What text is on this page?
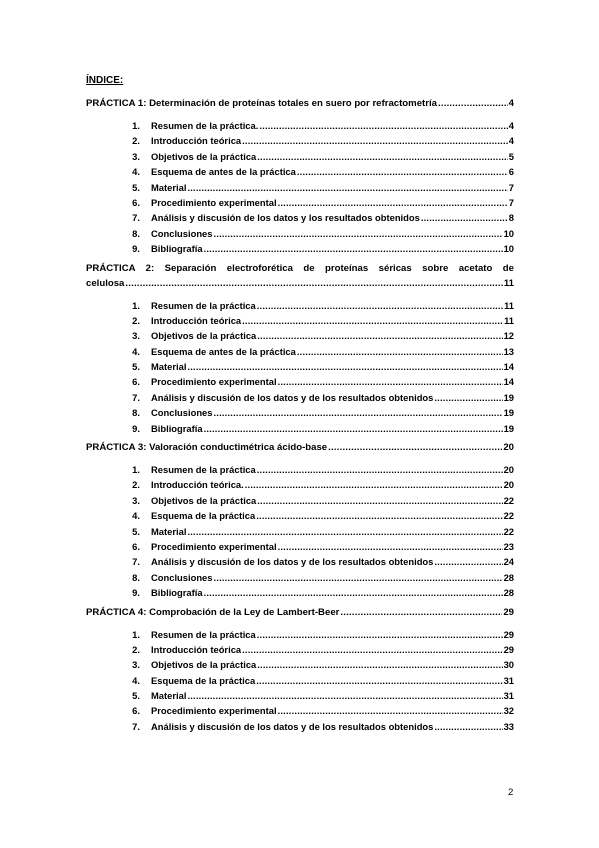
ÍNDICE:
PRÁCTICA 1: Determinación de proteínas totales en suero por refractometría .....	4
1. Resumen de la práctica. .....	4
2. Introducción teórica .....	4
3. Objetivos de la práctica .....	5
4. Esquema de antes de la práctica .....	6
5. Material .....	7
6. Procedimiento experimental .....	7
7. Análisis y discusión de los datos y los resultados obtenidos .....	8
8. Conclusiones .....	10
9. Bibliografía .....	10
PRÁCTICA 2: Separación electroforética de proteínas séricas sobre acetato de
celulosa .....	11
1. Resumen de la práctica .....	11
2. Introducción teórica .....	11
3. Objetivos de la práctica .....	12
4. Esquema de antes de la práctica .....	13
5. Material .....	14
6. Procedimiento experimental .....	14
7. Análisis y discusión de los datos y de los resultados obtenidos .....	19
8. Conclusiones .....	19
9. Bibliografía .....	19
PRÁCTICA 3: Valoración conductimétrica ácido-base .....	20
1. Resumen de la práctica .....	20
2. Introducción teórica. .....	20
3. Objetivos de la práctica .....	22
4. Esquema de la práctica .....	22
5. Material .....	22
6. Procedimiento experimental .....	23
7. Análisis y discusión de los datos y de los resultados obtenidos .....	24
8. Conclusiones .....	28
9. Bibliografía .....	28
PRÁCTICA 4: Comprobación de la Ley de Lambert-Beer .....	29
1. Resumen de la práctica .....	29
2. Introducción teórica .....	29
3. Objetivos de la práctica .....	30
4. Esquema de la práctica .....	31
5. Material .....	31
6. Procedimiento experimental .....	32
7. Análisis y discusión de los datos y de los resultados obtenidos .....	33
2
